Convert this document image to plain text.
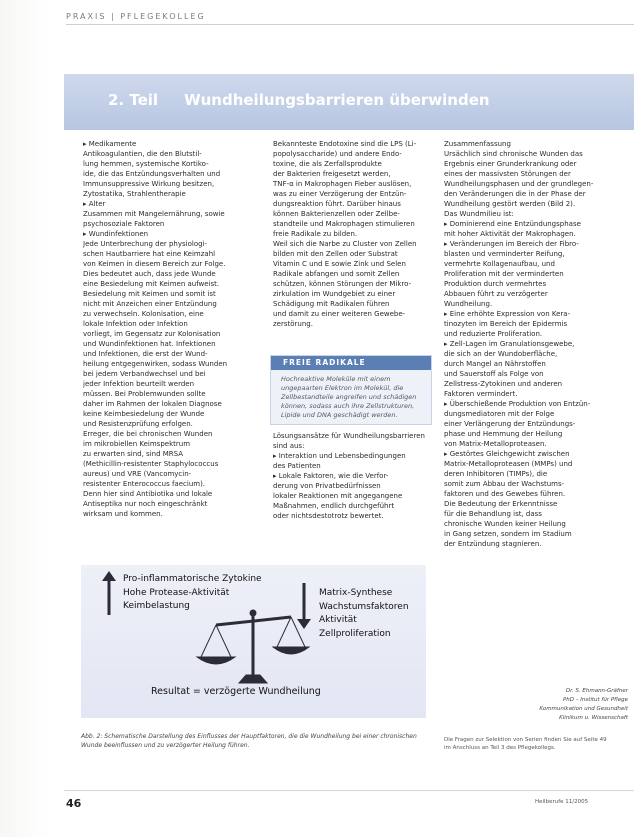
PRAXIS | PFLEGEKOLLEG
2. Teil Wundheilungsbarrieren überwinden
▸ Medikamente
Antikoagulantien, die den Blutstil-
lung hemmen, systemische Kortiko-
ide, die das Entzündungsverhalten und
Immunsuppressive Wirkung besitzen,
Zytostatika, Strahlentherapie
▸ Alter
Zusammen mit Mangelernährung, sowie
psychosoziale Faktoren
▸ Wundinfektionen
Jede Unterbrechung der physiologi-
schen Hautbarriere hat eine Keimzahl
von Keimen in diesem Bereich zur Folge.
Dies bedeutet auch, dass jede Wunde
eine Besiedelung mit Keimen aufweist.
Besiedelung mit Keimen und somit ist
nicht mit Anzeichen einer Entzündung
zu verwechseln. Kolonisation, eine
lokale Infektion oder Infektion
vorliegt, im Gegensatz zur Kolonisation
und Wundinfektionen hat. Infektionen
und Infektionen, die erst der Wund-
heilung entgegenwirken, sodass Wunden
bei jedem Verbandwechsel und bei
jeder Infektion beurteilt werden
müssen. Bei Problemwunden sollte
daher im Rahmen der lokalen Diagnose
keine Keimbesiedelung der Wunde
und Resistenzprüfung erfolgen.
Erreger, die bei chronischen Wunden
im mikrobiellen Keimspektrum
zu erwarten sind, sind MRSA
(Methicillin-resistenter Staphylococcus
aureus) und VRE (Vancomycin-
resistenter Enterococcus faecium).
Denn hier sind Antibiotika und lokale
Antiseptika nur noch eingeschränkt
wirksam und kommen.
Bekannteste Endotoxine sind die LPS (Li-
popolysaccharide) und andere Endo-
toxine, die als Zerfallsprodukte
der Bakterien freigesetzt werden,
TNF-α in Makrophagen Fieber auslösen,
was zu einer Verzögerung der Entzün-
dungsreaktion führt. Darüber hinaus
können Bakterienzellen oder Zellbe-
standteile und Makrophagen stimulieren
freie Radikale zu bilden.
Weil sich die Narbe zu Cluster von Zellen
bilden mit den Zellen oder Substrat
Vitamin C und E sowie Zink und Selen
Radikale abfangen und somit Zellen
schützen, können Störungen der Mikro-
zirkulation im Wundgebiet zu einer
Schädigung mit Radikalen führen
und damit zu einer weiteren Gewebe-
zerstörung.
FREIE RADIKALE
Hochreaktive Moleküle mit einem ungepaarten Elektron im Molekül, die Zellbestandteile angreifen und schädigen können, sodass auch ihre Zellstrukturen, Lipide und DNA geschädigt werden.
Lösungsansätze für Wundheilungsbarrieren
sind aus:
▸ Interaktion und Lebensbedingungen
des Patienten
▸ Lokale Faktoren, wie die Verfor-
derung von Privatbedürfnissen
lokaler Reaktionen mit angegangene
Maßnahmen, endlich durchgeführt
oder nichtsdestotrotz bewertet.
Zusammenfassung
Ursächlich sind chronische Wunden das
Ergebnis einer Grunderkrankung oder
eines der massivsten Störungen der
Wundheilungsphasen und der grundlegen-
den Veränderungen die in der Phase der
Wundheilung gestört werden (Bild 2).
Das Wundmilieu ist:
▸ Dominierend eine Entzündungsphase
mit hoher Aktivität der Makrophagen.
▸ Veränderungen im Bereich der Fibro-
blasten und verminderter Reifung,
vermehrte Kollagenaufbau, und
Proliferation mit der verminderten
Produktion durch vermehrtes
Abbauen führt zu verzögerter
Wundheilung.
▸ Eine erhöhte Expression von Kera-
tinozyten im Bereich der Epidermis
und reduzierte Proliferation.
▸ Zell-Lagen im Granulationsgewebe,
die sich an der Wundoberfläche,
durch Mangel an Nährstoffen
und Sauerstoff als Folge von
Zellstress-Zytokinen und anderen
Faktoren vermindert.
▸ Überschießende Produktion von Entzün-
dungsmediatoren mit der Folge
einer Verlängerung der Entzündungs-
phase und Hemmung der Heilung
von Matrix-Metalloproteasen.
▸ Gestörtes Gleichgewicht zwischen
Matrix-Metalloproteasen (MMPs) und
deren Inhibitoren (TIMPs), die
somit zum Abbau der Wachstums-
faktoren und des Gewebes führen.
Die Bedeutung der Erkenntnisse
für die Behandlung ist, dass
chronische Wunden keiner Heilung
in Gang setzen, sondern im Stadium
der Entzündung stagnieren.
Dr. S. Ehmann-Gräfner
PhD – Institut für Pflege
Kommunikation und Gesundheit
Klinikum u. Wissenschaft
Pro-inflammatorische Zytokine
Hohe Protease-Aktivität
Keimbelastung
Matrix-Synthese
Wachstumsfaktoren
Aktivität
Zellproliferation
Resultat = verzögerte Wundheilung
Abb. 2: Schematische Darstellung des Einflusses der Hauptfaktoren, die die Wundheilung bei einer chronischen Wunde beeinflussen und zu verzögerter Heilung führen.
Die Fragen zur Selektion von Serien finden Sie auf Seite 49 im Anschluss an Teil 3 des Pflegekollegs.
46	Heilberufe 11/2005
